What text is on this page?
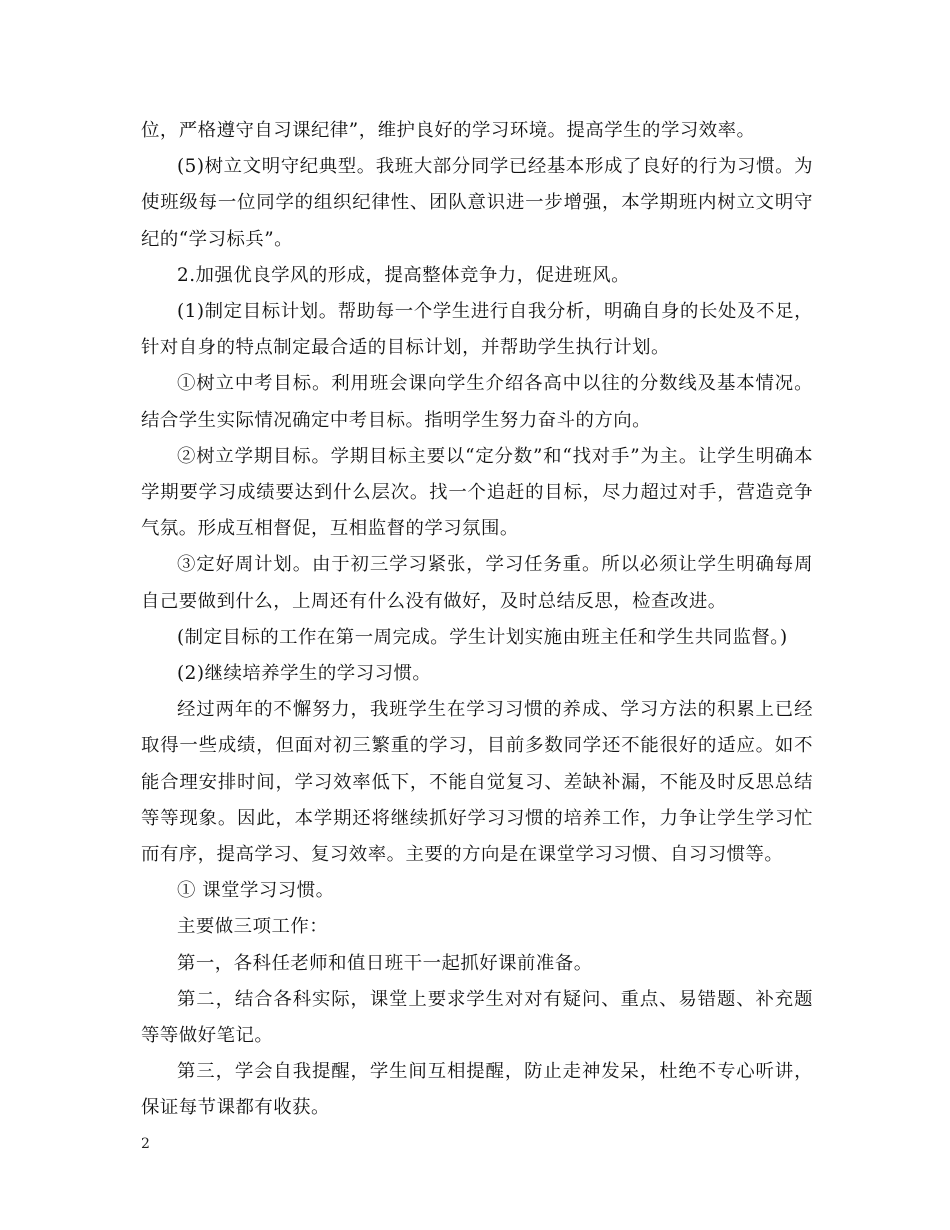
位，严格遵守自习课纪律”，维护良好的学习环境。提高学生的学习效率。

(5)树立文明守纪典型。我班大部分同学已经基本形成了良好的行为习惯。为使班级每一位同学的组织纪律性、团队意识进一步增强，本学期班内树立文明守纪的“学习标兵”。

2.加强优良学风的形成，提高整体竞争力，促进班风。

(1)制定目标计划。帮助每一个学生进行自我分析，明确自身的长处及不足，针对自身的特点制定最合适的目标计划，并帮助学生执行计划。

①树立中考目标。利用班会课向学生介绍各高中以往的分数线及基本情况。结合学生实际情况确定中考目标。指明学生努力奋斗的方向。

②树立学期目标。学期目标主要以“定分数”和“找对手”为主。让学生明确本学期要学习成绩要达到什么层次。找一个追赶的目标，尽力超过对手，营造竞争气氛。形成互相督促，互相监督的学习氛围。

③定好周计划。由于初三学习紧张，学习任务重。所以必须让学生明确每周自己要做到什么，上周还有什么没有做好，及时总结反思，检查改进。

(制定目标的工作在第一周完成。学生计划实施由班主任和学生共同监督。)

(2)继续培养学生的学习习惯。

经过两年的不懈努力，我班学生在学习习惯的养成、学习方法的积累上已经取得一些成绩，但面对初三繁重的学习，目前多数同学还不能很好的适应。如不能合理安排时间，学习效率低下，不能自觉复习、差缺补漏，不能及时反思总结等等现象。因此，本学期还将继续抓好学习习惯的培养工作，力争让学生学习忙而有序，提高学习、复习效率。主要的方向是在课堂学习习惯、自习习惯等。

① 课堂学习习惯。

主要做三项工作：

第一，各科任老师和值日班干一起抓好课前准备。

第二，结合各科实际，课堂上要求学生对对有疑问、重点、易错题、补充题等等做好笔记。

第三，学会自我提醒，学生间互相提醒，防止走神发呆，杜绝不专心听讲，保证每节课都有收获。

2
